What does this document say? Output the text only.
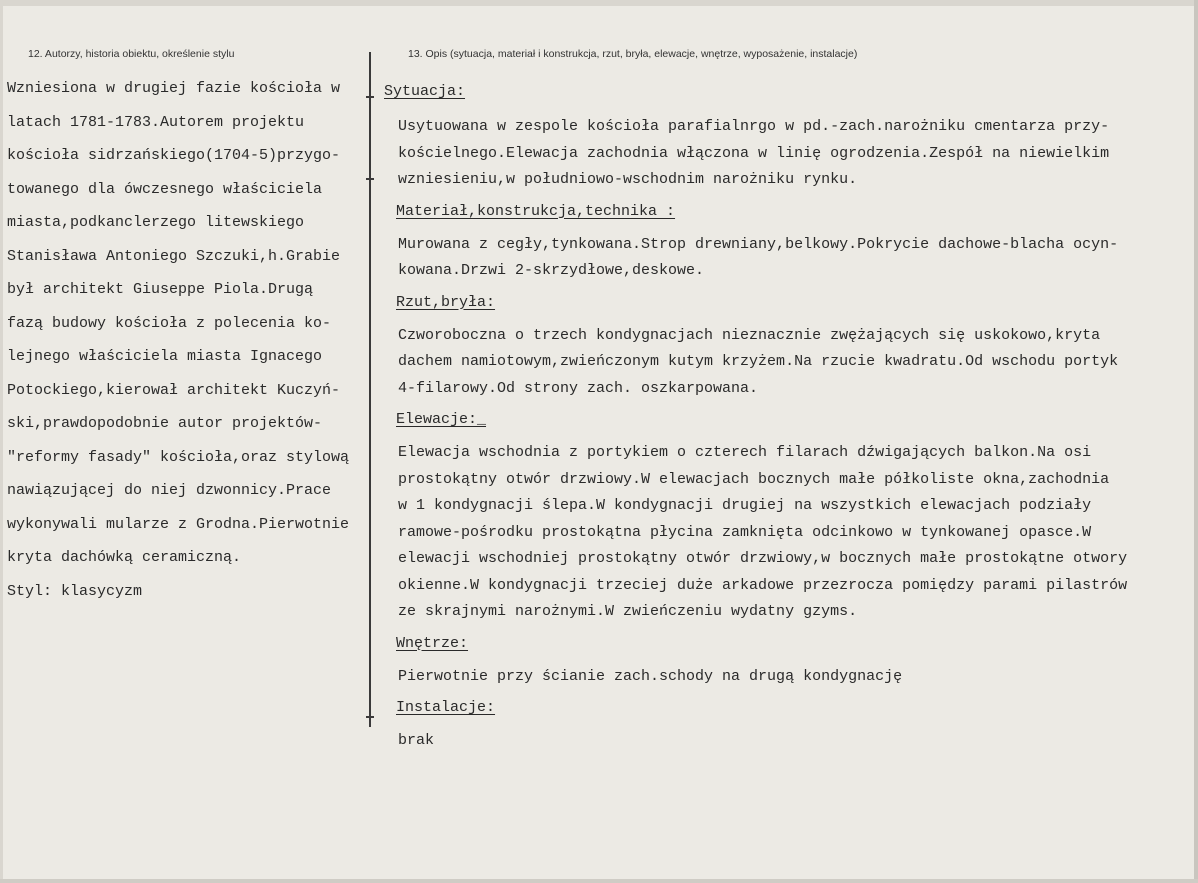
12. Autorzy, historia obiektu, określenie stylu	13. Opis (sytuacja, materiał i konstrukcja, rzut, bryła, elewacje, wnętrze, wyposażenie, instalacje)
Wzniesiona w drugiej fazie kościoła w
latach 1781-1783.Autorem projektu
kościoła sidrzańskiego(1704-5)przygo-
towanego dla ówczesnego właściciela
miasta,podkanclerzego litewskiego
Stanisława Antoniego Szczuki,h.Grabie
był architekt Giuseppe Piola.Drugą
fazą budowy kościoła z polecenia ko-
lejnego właściciela miasta Ignacego
Potockiego,kierował architekt Kuczyń-
ski,prawdopodobnie autor projektów-
"reformy fasady" kościoła,oraz stylową
nawiązującej do niej dzwonnicy.Prace
wykonywali mularze z Grodna.Pierwotnie
kryta dachówką ceramiczną.
Styl: klasycyzm
Sytuacja:
Usytuowana w zespole kościoła parafialnrgo w pd.-zach.narożniku cmentarza przy-
kościelnego.Elewacja zachodnia włączona w linię ogrodzenia.Zespół na niewielkim
wzniesieniu,w południowo-wschodnim narożniku rynku.
Materiał,konstrukcja,technika :
Murowana z cegły,tynkowana.Strop drewniany,belkowy.Pokrycie dachowe-blacha ocyn-
kowana.Drzwi 2-skrzydłowe,deskowe.
Rzut,bryła:
Czworoboczna o trzech kondygnacjach nieznacznie zwężających się uskokowo,kryta
dachem namiotowym,zwieńczonym kutym krzyżem.Na rzucie kwadratu.Od wschodu portyk
4-filarowy.Od strony zach. oszkarpowana.
Elewacje:_
Elewacja wschodnia z portykiem o czterech filarach dźwigających balkon.Na osi
prostokątny otwór drzwiowy.W elewacjach bocznych małe półkoliste okna,zachodnia
w 1 kondygnacji ślepa.W kondygnacji drugiej na wszystkich elewacjach podziały
ramowe-pośrodku prostokątna płycina zamknięta odcinkowo w tynkowanej opasce.W
elewacji wschodniej prostokątny otwór drzwiowy,w bocznych małe prostokątne otwory
okienne.W kondygnacji trzeciej duże arkadowe przezrocza pomiędzy parami pilastrów
ze skrajnymi narożnymi.W zwieńczeniu wydatny gzyms.
Wnętrze:
Pierwotnie przy ścianie zach.schody na drugą kondygnację
Instalacje:
brak
